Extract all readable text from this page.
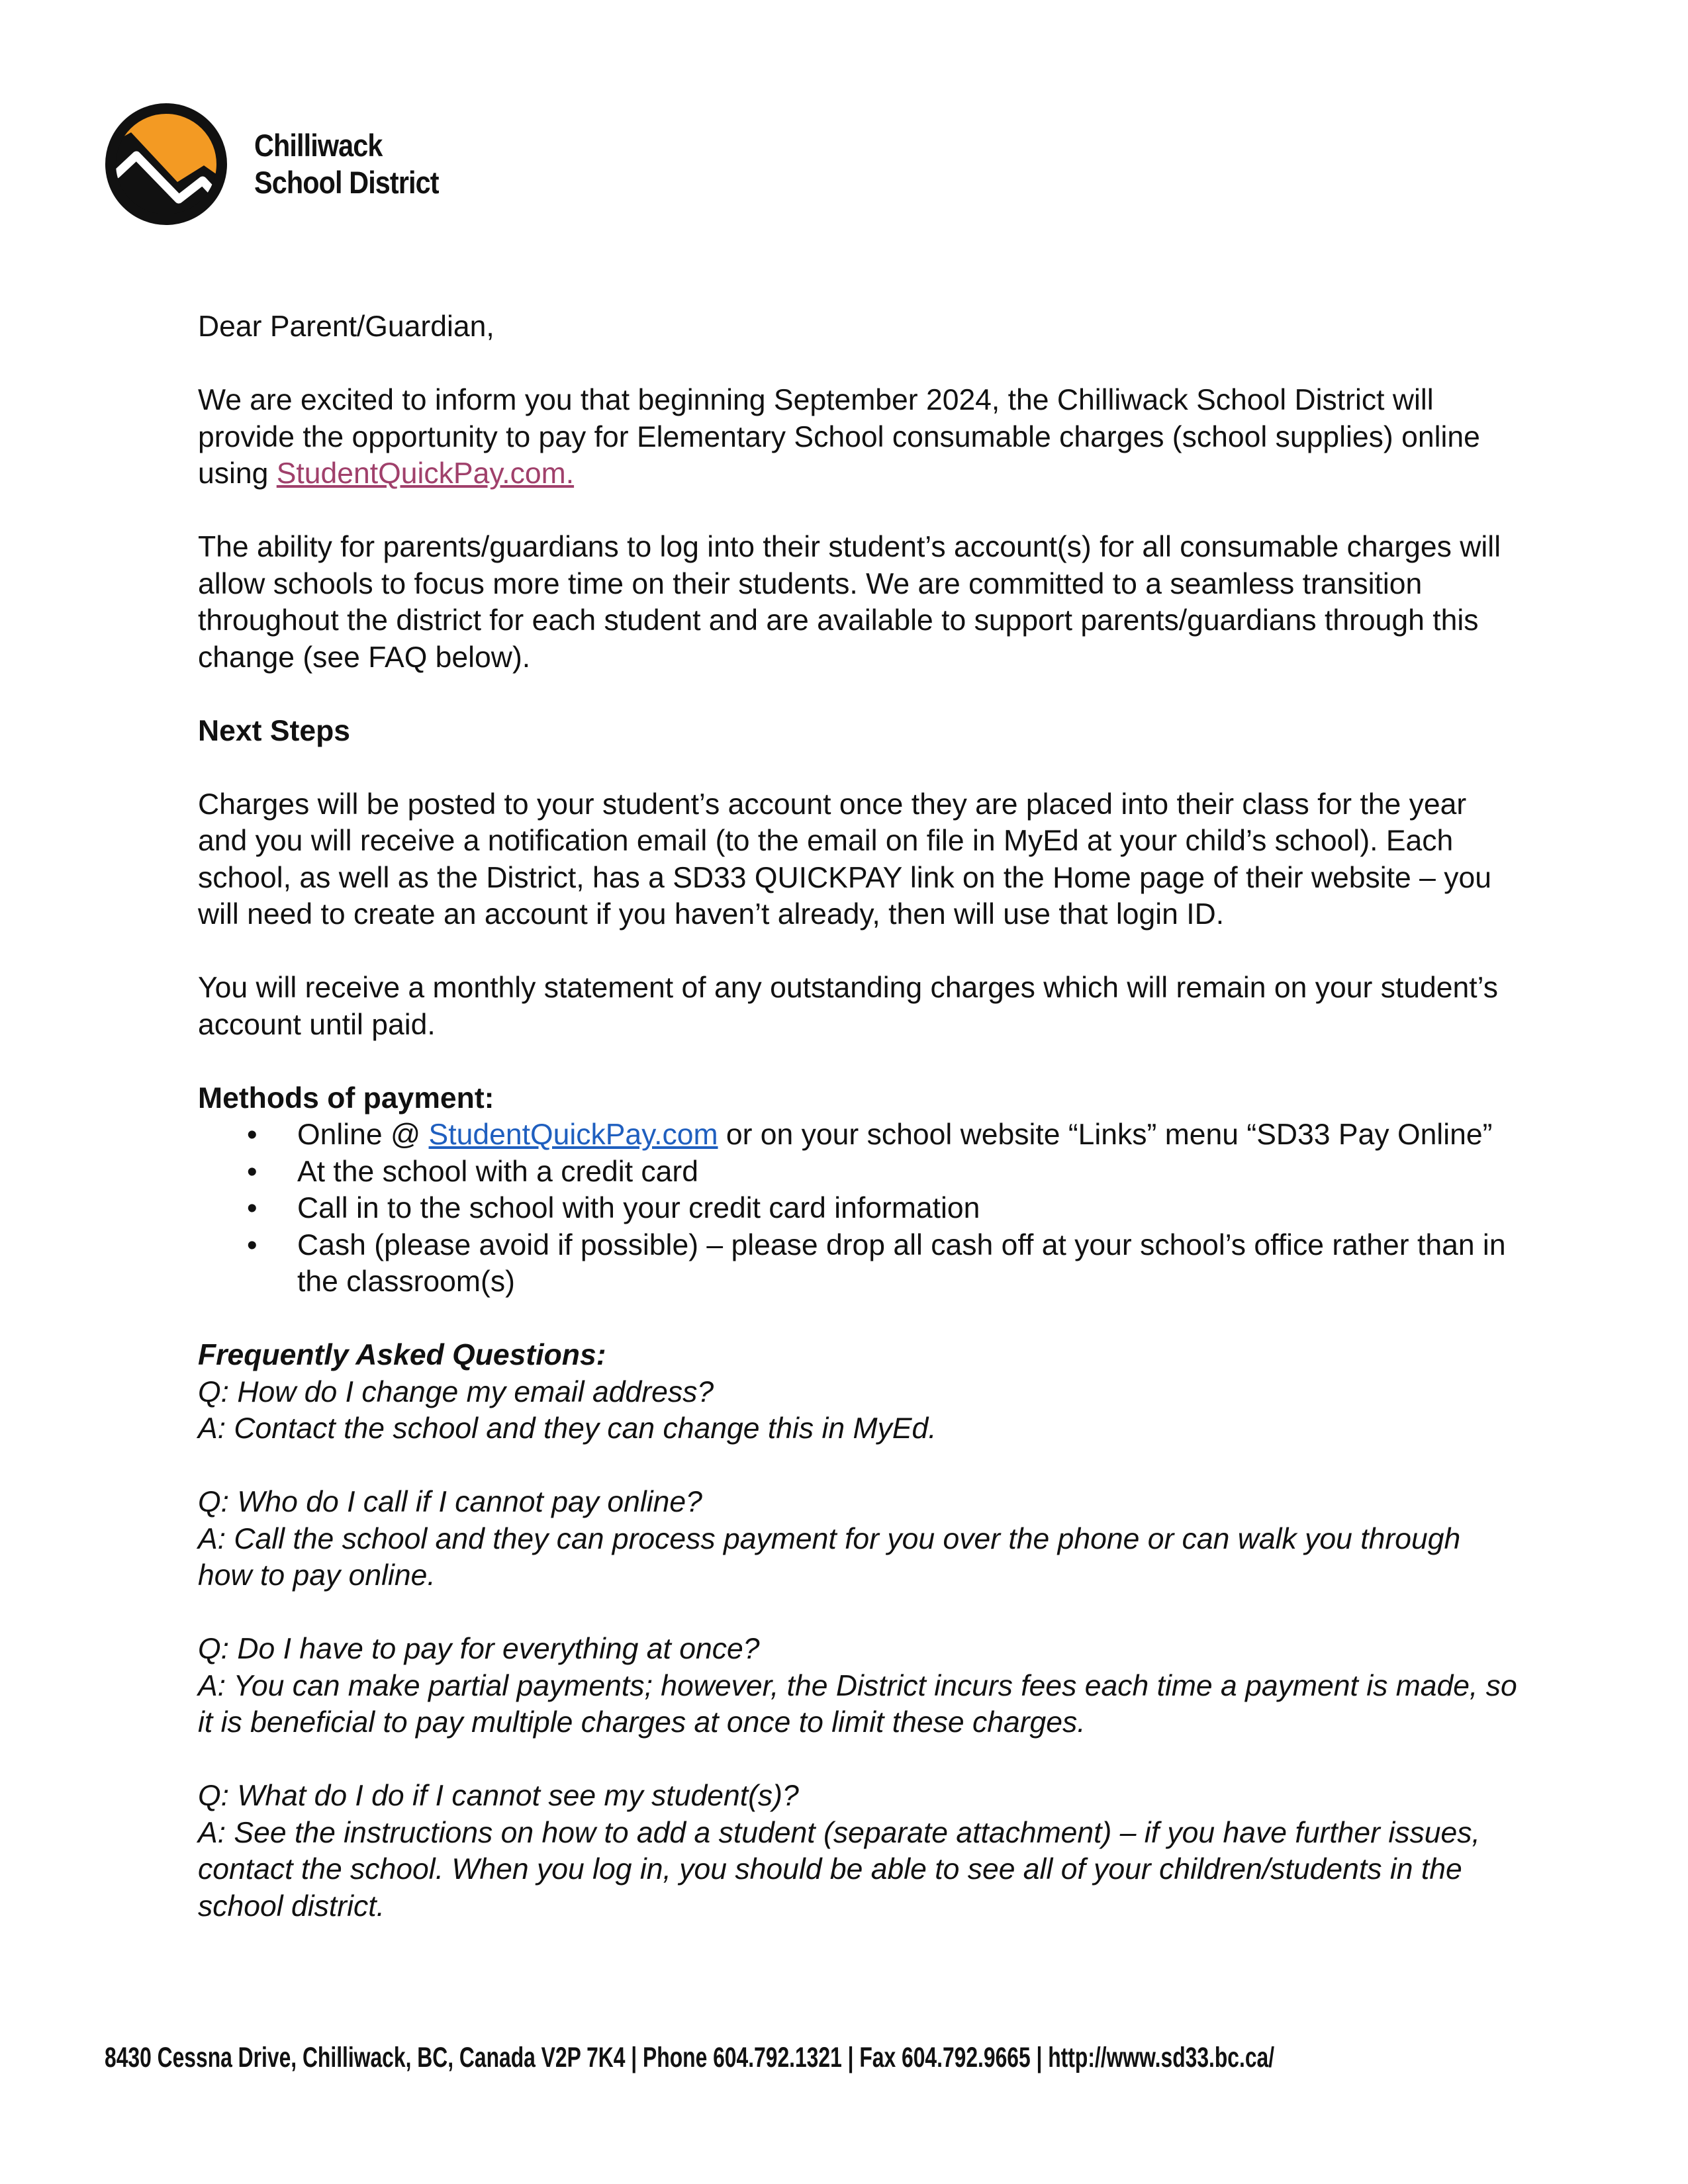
Chilliwack
School District

Dear Parent/Guardian,

We are excited to inform you that beginning September 2024, the Chilliwack School District will provide the opportunity to pay for Elementary School consumable charges (school supplies) online using StudentQuickPay.com.

The ability for parents/guardians to log into their student’s account(s) for all consumable charges will allow schools to focus more time on their students. We are committed to a seamless transition throughout the district for each student and are available to support parents/guardians through this change (see FAQ below).

Next Steps

Charges will be posted to your student’s account once they are placed into their class for the year and you will receive a notification email (to the email on file in MyEd at your child’s school). Each school, as well as the District, has a SD33 QUICKPAY link on the Home page of their website – you will need to create an account if you haven’t already, then will use that login ID.

You will receive a monthly statement of any outstanding charges which will remain on your student’s account until paid.

Methods of payment:

• Online @ StudentQuickPay.com or on your school website “Links” menu “SD33 Pay Online”
• At the school with a credit card
• Call in to the school with your credit card information
• Cash (please avoid if possible) – please drop all cash off at your school’s office rather than in the classroom(s)

Frequently Asked Questions:

Q: How do I change my email address?

A: Contact the school and they can change this in MyEd.

Q: Who do I call if I cannot pay online?

A: Call the school and they can process payment for you over the phone or can walk you through how to pay online.

Q: Do I have to pay for everything at once?

A: You can make partial payments; however, the District incurs fees each time a payment is made, so it is beneficial to pay multiple charges at once to limit these charges.

Q: What do I do if I cannot see my student(s)?

A: See the instructions on how to add a student (separate attachment) – if you have further issues, contact the school. When you log in, you should be able to see all of your children/students in the school district.

8430 Cessna Drive, Chilliwack, BC, Canada V2P 7K4 | Phone 604.792.1321 | Fax 604.792.9665 | http://www.sd33.bc.ca/
